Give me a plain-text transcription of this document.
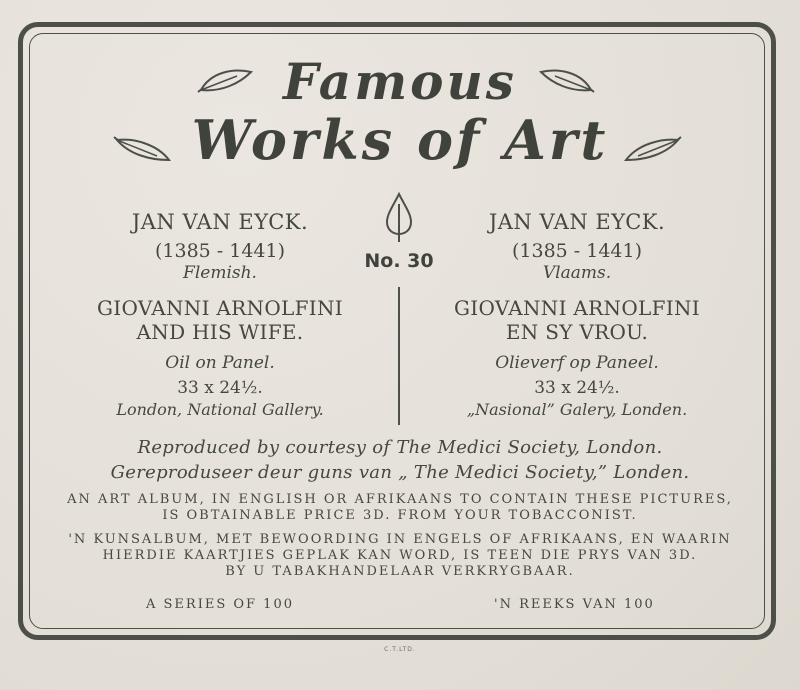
Famous
Works of Art
No. 30
JAN VAN EYCK.
(1385 - 1441)
Flemish.
GIOVANNI ARNOLFINI
AND HIS WIFE.
Oil on Panel.
33 x 24½.
London, National Gallery.
JAN VAN EYCK.
(1385 - 1441)
Vlaams.
GIOVANNI ARNOLFINI
EN SY VROU.
Olieverf op Paneel.
33 x 24½.
„Nasional” Galery, Londen.
Reproduced by courtesy of The Medici Society, London.
Gereproduseer deur guns van „ The Medici Society,” Londen.
AN ART ALBUM, IN ENGLISH OR AFRIKAANS TO CONTAIN THESE PICTURES,
IS OBTAINABLE PRICE 3D. FROM YOUR TOBACCONIST.
'N KUNSALBUM, MET BEWOORDING IN ENGELS OF AFRIKAANS, EN WAARIN
HIERDIE KAARTJIES GEPLAK KAN WORD, IS TEEN DIE PRYS VAN 3D.
BY U TABAKHANDELAAR VERKRYGBAAR.
A SERIES OF 100	'N REEKS VAN 100
C.T.LTD.
